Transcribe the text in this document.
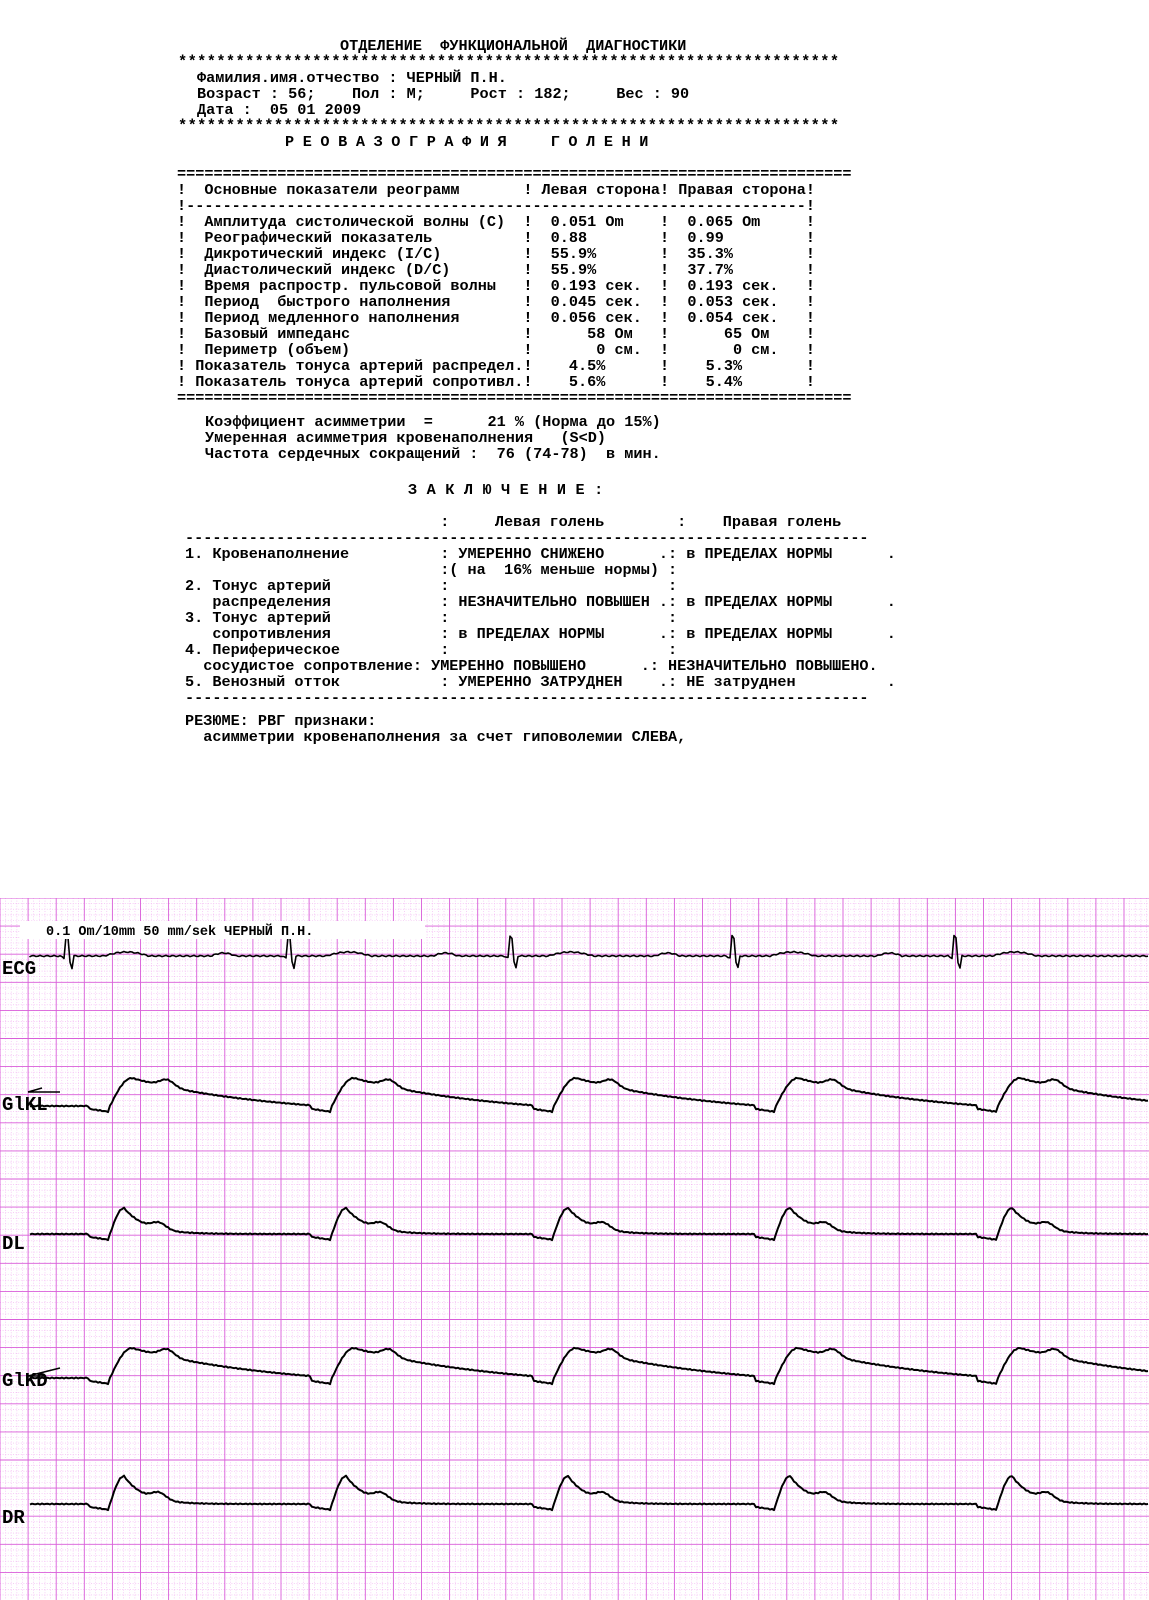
ОТДЕЛЕНИЕ  ФУНКЦИОНАЛЬНОЙ  ДИАГНОСТИКИ
*********************************************************************
Фамилия.имя.отчество : ЧЕРНЫЙ П.Н.
Возраст : 56;    Пол : М;     Рост : 182;     Вес : 90
Дата :  05 01 2009
*********************************************************************
РЕОВАЗОГРАФИЯ  ГОЛЕНИ
==========================================================================
!  Основные показатели реограмм       ! Левая сторона! Правая сторона!
!--------------------------------------------------------------------!
!  Амплитуда систолической волны (С)  !  0.051 Om    !  0.065 Om     !
!  Реографический показатель          !  0.88        !  0.99         !
!  Дикротический индекс (I/C)         !  55.9%       !  35.3%        !
!  Диастолический индекс (D/C)        !  55.9%       !  37.7%        !
!  Время распростр. пульсовой волны   !  0.193 сек.  !  0.193 сек.   !
!  Период  быстрого наполнения        !  0.045 сек.  !  0.053 сек.   !
!  Период медленного наполнения       !  0.056 сек.  !  0.054 сек.   !
!  Базовый импеданс                   !      58 Ом   !      65 Ом    !
!  Периметр (объем)                   !       0 см.  !       0 см.   !
! Показатель тонуса артерий распредел.!    4.5%      !    5.3%       !
! Показатель тонуса артерий сопротивл.!    5.6%      !    5.4%       !
==========================================================================
Коэффициент асимметрии  =      21 % (Норма до 15%)
Умеренная асимметрия кровенаполнения   (S<D)
Частота сердечных сокращений :  76 (74-78)  в мин.
ЗАКЛЮЧЕНИЕ:
:     Левая голень        :    Правая голень
---------------------------------------------------------------------------
1. Кровенаполнение          : УМЕРЕННО СНИЖЕНО      .: в ПРЕДЕЛАХ НОРМЫ      .
:( на  16% меньше нормы) :
2. Тонус артерий            :                        :
распределения            : НЕЗНАЧИТЕЛЬНО ПОВЫШЕН .: в ПРЕДЕЛАХ НОРМЫ      .
3. Тонус артерий            :                        :
сопротивления            : в ПРЕДЕЛАХ НОРМЫ      .: в ПРЕДЕЛАХ НОРМЫ      .
4. Периферическое           :                        :
сосудистое сопротвление: УМЕРЕННО ПОВЫШЕНО      .: НЕЗНАЧИТЕЛЬНО ПОВЫШЕНО.
5. Венозный отток           : УМЕРЕННО ЗАТРУДНЕН    .: НЕ затруднен          .
---------------------------------------------------------------------------
РЕЗЮМЕ: РВГ признаки:
асимметрии кровенаполнения за счет гиповолемии СЛЕВА,
0.1 Om/10mm 50 mm/sek ЧЕРНЫЙ П.Н.
ECG
GlKL
DL
GlKD
DR
